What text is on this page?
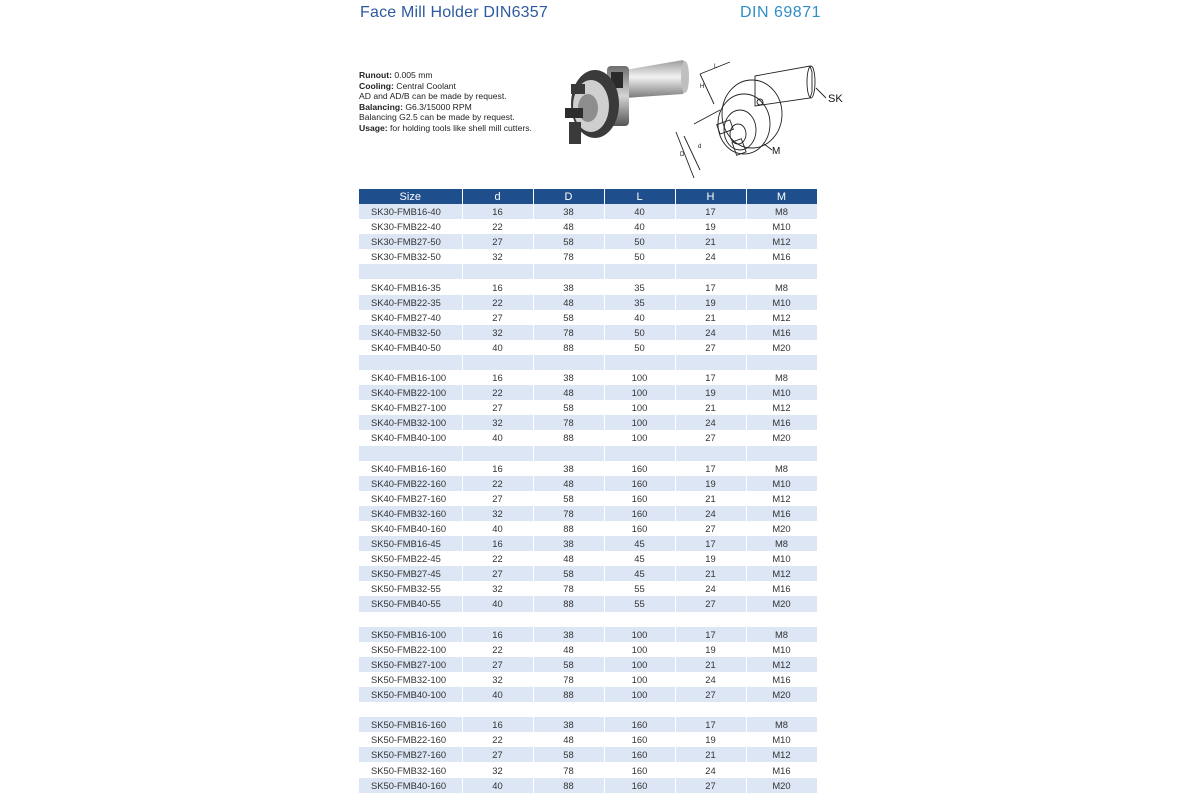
Face Mill Holder DIN6357	DIN 69871
Runout: 0.005 mm
Cooling: Central Coolant
AD and AD/B can be made by request.
Balancing: G6.3/15000 RPM
Balancing G2.5 can be made by request.
Usage: for holding tools like shell mill cutters.
SK
M
L
H
d
D
Size	d	D	L	H	M
SK30-FMB16-40	16	38	40	17	M8
SK30-FMB22-40	22	48	40	19	M10
SK30-FMB27-50	27	58	50	21	M12
SK30-FMB32-50	32	78	50	24	M16

SK40-FMB16-35	16	38	35	17	M8
SK40-FMB22-35	22	48	35	19	M10
SK40-FMB27-40	27	58	40	21	M12
SK40-FMB32-50	32	78	50	24	M16
SK40-FMB40-50	40	88	50	27	M20

SK40-FMB16-100	16	38	100	17	M8
SK40-FMB22-100	22	48	100	19	M10
SK40-FMB27-100	27	58	100	21	M12
SK40-FMB32-100	32	78	100	24	M16
SK40-FMB40-100	40	88	100	27	M20

SK40-FMB16-160	16	38	160	17	M8
SK40-FMB22-160	22	48	160	19	M10
SK40-FMB27-160	27	58	160	21	M12
SK40-FMB32-160	32	78	160	24	M16
SK40-FMB40-160	40	88	160	27	M20
SK50-FMB16-45	16	38	45	17	M8
SK50-FMB22-45	22	48	45	19	M10
SK50-FMB27-45	27	58	45	21	M12
SK50-FMB32-55	32	78	55	24	M16
SK50-FMB40-55	40	88	55	27	M20

SK50-FMB16-100	16	38	100	17	M8
SK50-FMB22-100	22	48	100	19	M10
SK50-FMB27-100	27	58	100	21	M12
SK50-FMB32-100	32	78	100	24	M16
SK50-FMB40-100	40	88	100	27	M20

SK50-FMB16-160	16	38	160	17	M8
SK50-FMB22-160	22	48	160	19	M10
SK50-FMB27-160	27	58	160	21	M12
SK50-FMB32-160	32	78	160	24	M16
SK50-FMB40-160	40	88	160	27	M20
